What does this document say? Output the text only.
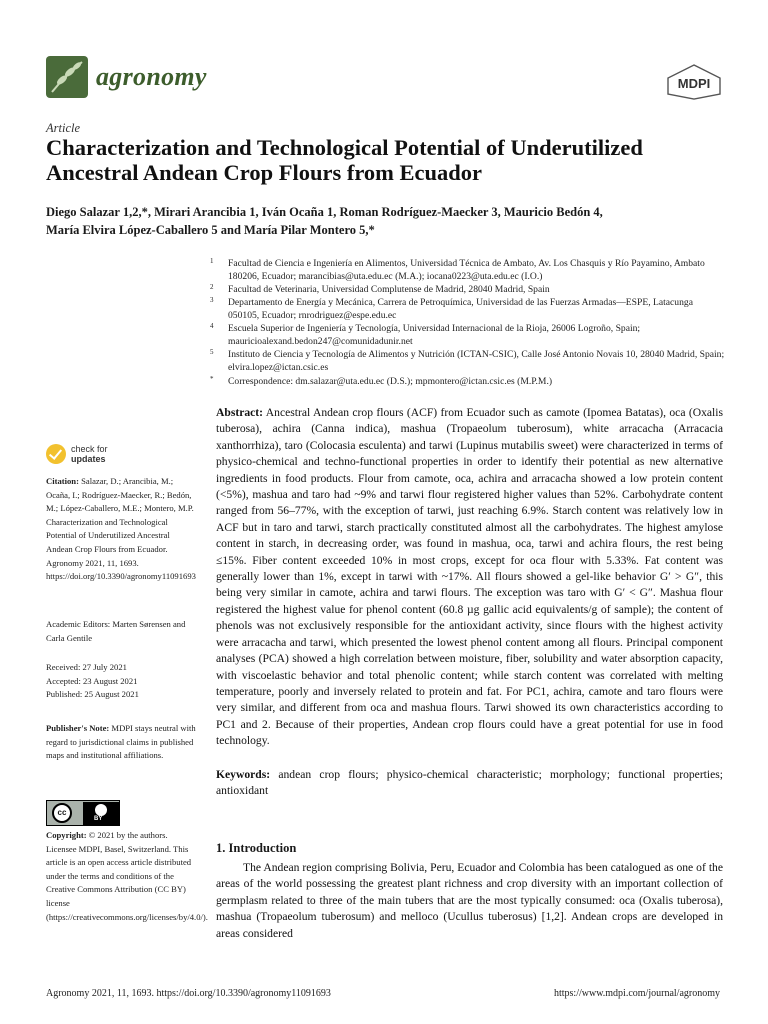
agronomy	MDPI
Article
Characterization and Technological Potential of Underutilized Ancestral Andean Crop Flours from Ecuador
Diego Salazar 1,2,*, Mirari Arancibia 1, Iván Ocaña 1, Roman Rodríguez-Maecker 3, Mauricio Bedón 4,
María Elvira López-Caballero 5 and María Pilar Montero 5,*
1	Facultad de Ciencia e Ingeniería en Alimentos, Universidad Técnica de Ambato, Av. Los Chasquis y Río Payamino, Ambato 180206, Ecuador; marancibias@uta.edu.ec (M.A.); iocana0223@uta.edu.ec (I.O.)
2	Facultad de Veterinaria, Universidad Complutense de Madrid, 28040 Madrid, Spain
3	Departamento de Energía y Mecánica, Carrera de Petroquímica, Universidad de las Fuerzas Armadas—ESPE, Latacunga 050105, Ecuador; rnrodriguez@espe.edu.ec
4	Escuela Superior de Ingeniería y Tecnología, Universidad Internacional de la Rioja, 26006 Logroño, Spain; mauricioalexand.bedon247@comunidadunir.net
5	Instituto de Ciencia y Tecnología de Alimentos y Nutrición (ICTAN-CSIC), Calle José Antonio Novais 10, 28040 Madrid, Spain; elvira.lopez@ictan.csic.es
*	Correspondence: dm.salazar@uta.edu.ec (D.S.); mpmontero@ictan.csic.es (M.P.M.)
check for
updates
Citation: Salazar, D.; Arancibia, M.; Ocaña, I.; Rodríguez-Maecker, R.; Bedón, M.; López-Caballero, M.E.; Montero, M.P. Characterization and Technological Potential of Underutilized Ancestral Andean Crop Flours from Ecuador. Agronomy 2021, 11, 1693. https://doi.org/10.3390/agronomy11091693
Academic Editors: Marten Sørensen and Carla Gentile
Received: 27 July 2021
Accepted: 23 August 2021
Published: 25 August 2021
Publisher's Note: MDPI stays neutral with regard to jurisdictional claims in published maps and institutional affiliations.
cc
BY
Copyright: © 2021 by the authors. Licensee MDPI, Basel, Switzerland. This article is an open access article distributed under the terms and conditions of the Creative Commons Attribution (CC BY) license (https://creativecommons.org/licenses/by/4.0/).
Abstract: Ancestral Andean crop flours (ACF) from Ecuador such as camote (Ipomea Batatas), oca (Oxalis tuberosa), achira (Canna indica), mashua (Tropaeolum tuberosum), white arracacha (Arracacia xanthorrhiza), taro (Colocasia esculenta) and tarwi (Lupinus mutabilis sweet) were characterized in terms of physico-chemical and techno-functional properties in order to identify their potential as new alternative ingredients in food products. Flour from camote, oca, achira and arracacha showed a low protein content (<5%), mashua and taro had ~9% and tarwi flour registered higher values than 52%. Carbohydrate content ranged from 56–77%, with the exception of tarwi, just reaching 6.9%. Starch content was relatively low in ACF but in taro and tarwi, starch practically constituted almost all the carbohydrates. The highest amylose content in starch, in decreasing order, was found in mashua, oca, tarwi and achira flours, the rest being ≤15%. Fiber content exceeded 10% in most crops, except for oca flour with 5.33%. Fat content was generally lower than 1%, except in tarwi with ~17%. All flours showed a gel-like behavior G′ > G″, this being very similar in camote, achira and tarwi flours. The exception was taro with G′ < G″. Mashua flour registered the highest value for phenol content (60.8 µg gallic acid equivalents/g of sample); the content of phenols was not exclusively responsible for the antioxidant activity, since flours with the highest activity were arracacha and tarwi, which presented the lowest phenol content among all flours. Principal component analyses (PCA) showed a high correlation between moisture, fiber, solubility and water absorption capacity, with viscoelastic behavior and total phenolic content; while starch content was correlated with melting temperature, poorly and inversely related to protein and fat. For PC1, achira, camote and taro flours were very similar, and different from oca and mashua flours. Tarwi showed its own characteristics according to PC1 and 2. Because of their properties, Andean crop flours could have a great potential for use in food technology.
Keywords: andean crop flours; physico-chemical characteristic; morphology; functional properties; antioxidant
1. Introduction
The Andean region comprising Bolivia, Peru, Ecuador and Colombia has been catalogued as one of the areas of the world possessing the greatest plant richness and crop diversity with an important collection of germplasm related to three of the main tubers that are the most typically consumed: oca (Oxalis tuberosa), mashua (Tropaeolum tuberosum) and melloco (Ucullus tuberosus) [1,2]. Andean crops are developed in areas considered
Agronomy 2021, 11, 1693. https://doi.org/10.3390/agronomy11091693	https://www.mdpi.com/journal/agronomy
